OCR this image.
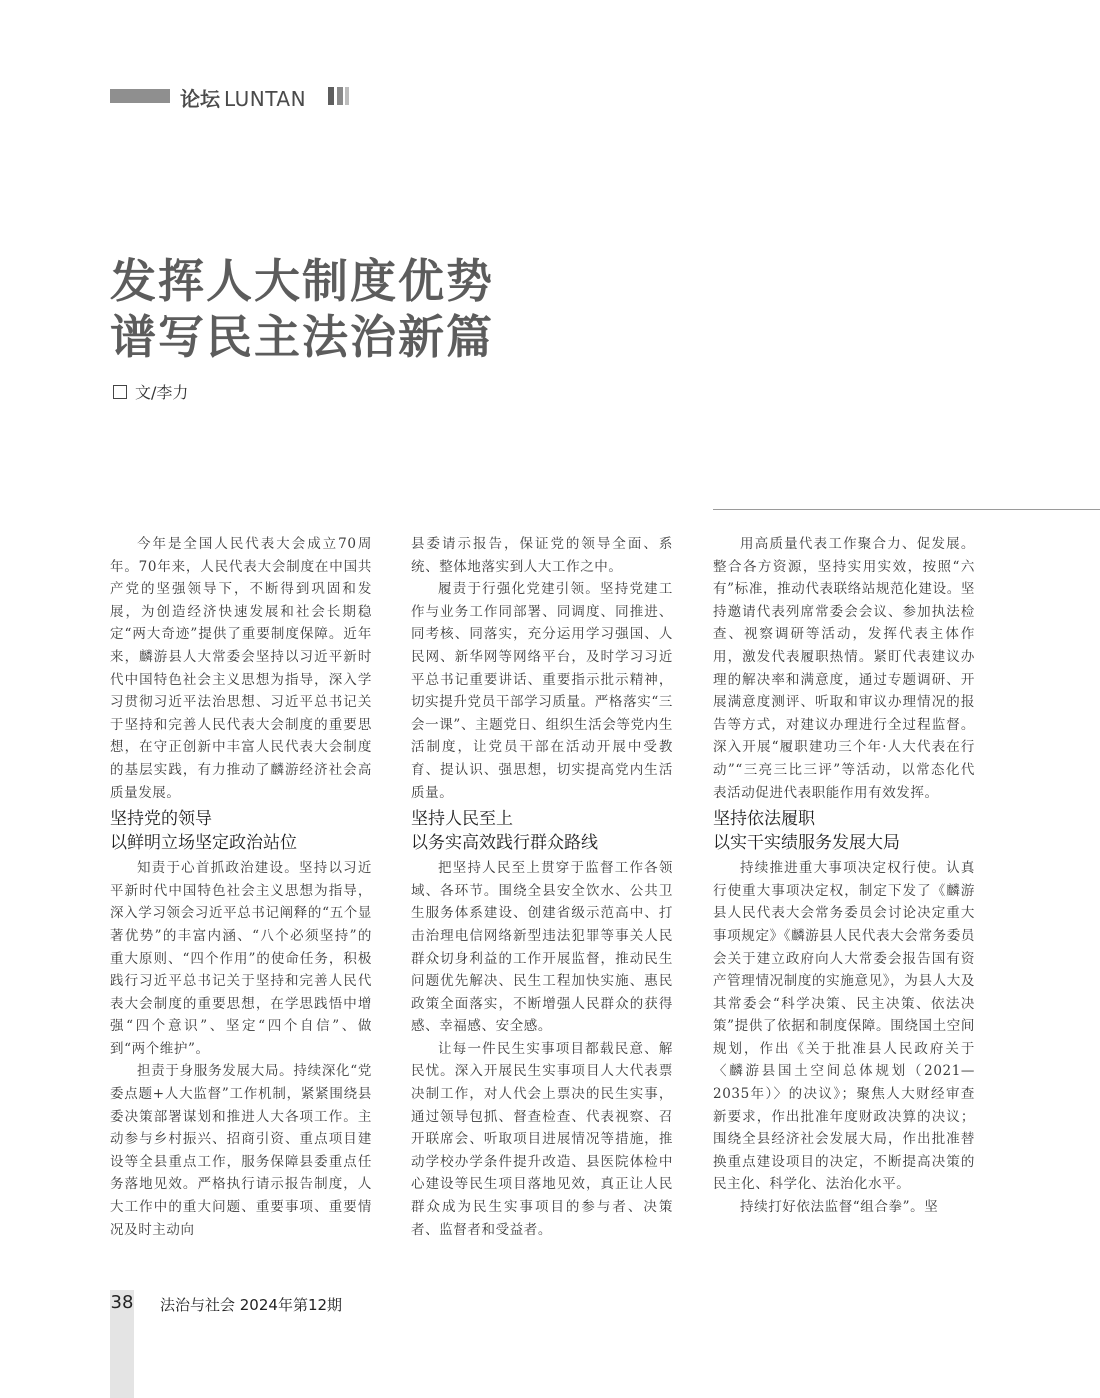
论坛 LUNTAN
发挥人大制度优势
谱写民主法治新篇
文/李力

今年是全国人民代表大会成立70周年。70年来，人民代表大会制度在中国共产党的坚强领导下，不断得到巩固和发展，为创造经济快速发展和社会长期稳定“两大奇迹”提供了重要制度保障。近年来，麟游县人大常委会坚持以习近平新时代中国特色社会主义思想为指导，深入学习贯彻习近平法治思想、习近平总书记关于坚持和完善人民代表大会制度的重要思想，在守正创新中丰富人民代表大会制度的基层实践，有力推动了麟游经济社会高质量发展。

坚持党的领导
以鲜明立场坚定政治站位

知责于心首抓政治建设。坚持以习近平新时代中国特色社会主义思想为指导，深入学习领会习近平总书记阐释的“五个显著优势”的丰富内涵、“八个必须坚持”的重大原则、“四个作用”的使命任务，积极践行习近平总书记关于坚持和完善人民代表大会制度的重要思想，在学思践悟中增强“四个意识”、坚定“四个自信”、做到“两个维护”。

担责于身服务发展大局。持续深化“党委点题+人大监督”工作机制，紧紧围绕县委决策部署谋划和推进人大各项工作。主动参与乡村振兴、招商引资、重点项目建设等全县重点工作，服务保障县委重点任务落地见效。严格执行请示报告制度，人大工作中的重大问题、重要事项、重要情况及时主动向

县委请示报告，保证党的领导全面、系统、整体地落实到人大工作之中。

履责于行强化党建引领。坚持党建工作与业务工作同部署、同调度、同推进、同考核、同落实，充分运用学习强国、人民网、新华网等网络平台，及时学习习近平总书记重要讲话、重要指示批示精神，切实提升党员干部学习质量。严格落实“三会一课”、主题党日、组织生活会等党内生活制度，让党员干部在活动开展中受教育、提认识、强思想，切实提高党内生活质量。

坚持人民至上
以务实高效践行群众路线

把坚持人民至上贯穿于监督工作各领域、各环节。围绕全县安全饮水、公共卫生服务体系建设、创建省级示范高中、打击治理电信网络新型违法犯罪等事关人民群众切身利益的工作开展监督，推动民生问题优先解决、民生工程加快实施、惠民政策全面落实，不断增强人民群众的获得感、幸福感、安全感。

让每一件民生实事项目都载民意、解民忧。深入开展民生实事项目人大代表票决制工作，对人代会上票决的民生实事，通过领导包抓、督查检查、代表视察、召开联席会、听取项目进展情况等措施，推动学校办学条件提升改造、县医院体检中心建设等民生项目落地见效，真正让人民群众成为民生实事项目的参与者、决策者、监督者和受益者。

用高质量代表工作聚合力、促发展。整合各方资源，坚持实用实效，按照“六有”标准，推动代表联络站规范化建设。坚持邀请代表列席常委会会议、参加执法检查、视察调研等活动，发挥代表主体作用，激发代表履职热情。紧盯代表建议办理的解决率和满意度，通过专题调研、开展满意度测评、听取和审议办理情况的报告等方式，对建议办理进行全过程监督。深入开展“履职建功三个年·人大代表在行动”“三亮三比三评”等活动，以常态化代表活动促进代表职能作用有效发挥。

坚持依法履职
以实干实绩服务发展大局

持续推进重大事项决定权行使。认真行使重大事项决定权，制定下发了《麟游县人民代表大会常务委员会讨论决定重大事项规定》《麟游县人民代表大会常务委员会关于建立政府向人大常委会报告国有资产管理情况制度的实施意见》，为县人大及其常委会“科学决策、民主决策、依法决策”提供了依据和制度保障。围绕国土空间规划，作出《关于批准县人民政府关于〈麟游县国土空间总体规划（2021—2035年）〉的决议》；聚焦人大财经审查新要求，作出批准年度财政决算的决议；围绕全县经济社会发展大局，作出批准替换重点建设项目的决定，不断提高决策的民主化、科学化、法治化水平。

持续打好依法监督“组合拳”。坚

38 法治与社会 2024年第12期
